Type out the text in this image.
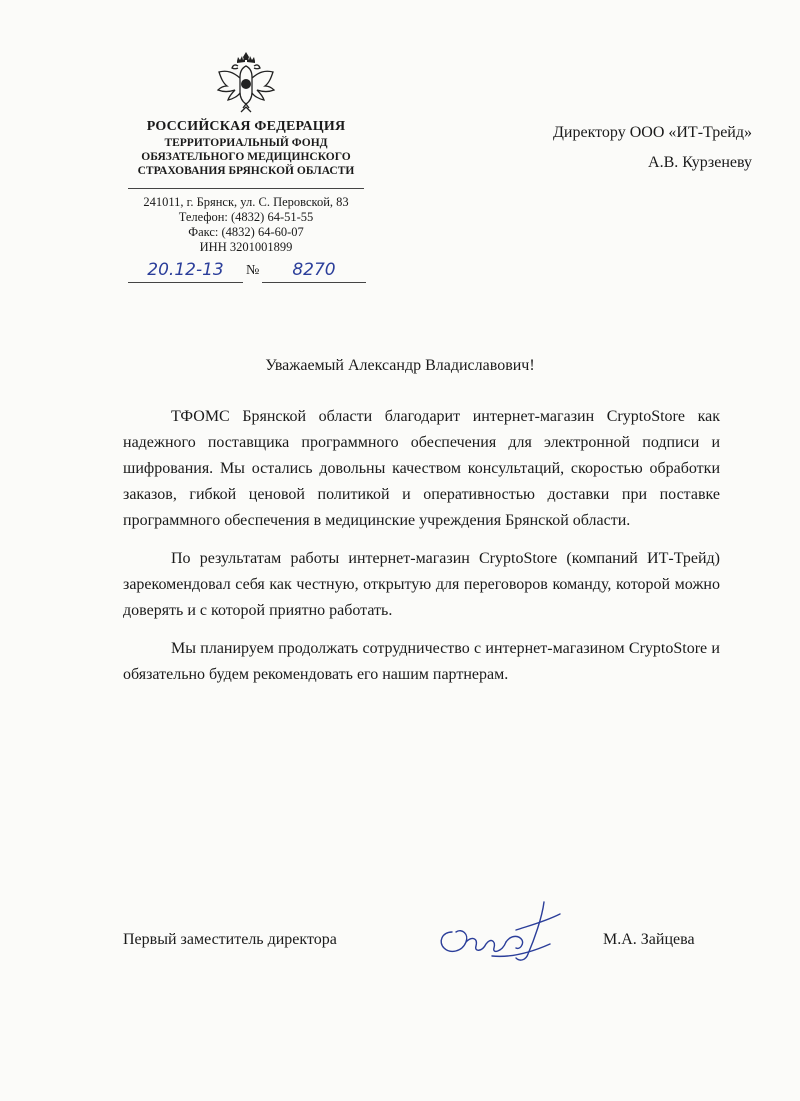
РОССИЙСКАЯ ФЕДЕРАЦИЯ
ТЕРРИТОРИАЛЬНЫЙ ФОНД
ОБЯЗАТЕЛЬНОГО МЕДИЦИНСКОГО
СТРАХОВАНИЯ БРЯНСКОЙ ОБЛАСТИ
241011, г. Брянск, ул. С. Перовской, 83
Телефон: (4832) 64-51-55
Факс: (4832) 64-60-07
ИНН 3201001899
20.12-13	№	8270
Директору ООО «ИТ-Трейд»
А.В. Курзеневу
Уважаемый Александр Владиславович!

ТФОМС Брянской области благодарит интернет-магазин CryptoStore как надежного поставщика программного обеспечения для электронной подписи и шифрования. Мы остались довольны качеством консультаций, скоростью обработки заказов, гибкой ценовой политикой и оперативностью доставки при поставке программного обеспечения в медицинские учреждения Брянской области.

По результатам работы интернет-магазин CryptoStore (компаний ИТ-Трейд) зарекомендовал себя как честную, открытую для переговоров команду, которой можно доверять и с которой приятно работать.

Мы планируем продолжать сотрудничество с интернет-магазином CryptoStore и обязательно будем рекомендовать его нашим партнерам.

Первый заместитель директора	М.А. Зайцева
